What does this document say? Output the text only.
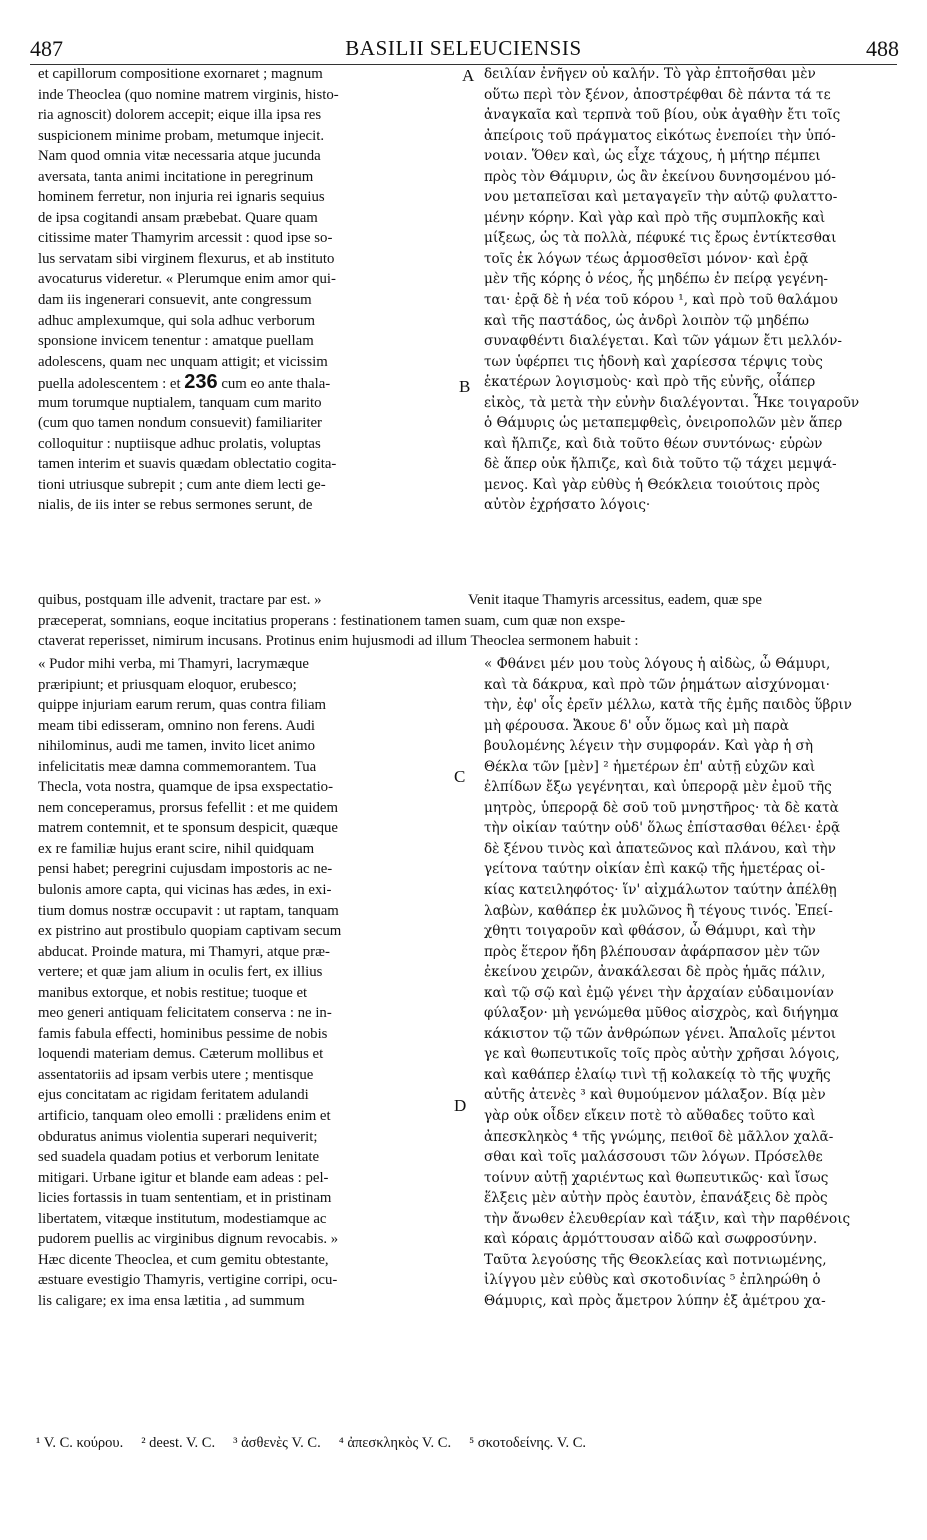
487	BASILII SELEUCIENSIS	488
et capillorum compositione exornaret ; magnum
inde Theoclea (quo nomine matrem virginis, histo-
ria agnoscit) dolorem accepit; eique illa ipsa res
suspicionem minime probam, metumque injecit.
Nam quod omnia vitæ necessaria atque jucunda
aversata, tanta animi incitatione in peregrinum
hominem ferretur, non injuria rei ignaris sequius
de ipsa cogitandi ansam præbebat. Quare quam
citissime mater Thamyrim arcessit : quod ipse so-
lus servatam sibi virginem flexurus, et ab instituto
avocaturus videretur. « Plerumque enim amor qui-
dam iis ingenerari consuevit, ante congressum
adhuc amplexumque, qui sola adhuc verborum
sponsione invicem tenentur : amatque puellam
adolescens, quam nec unquam attigit; et vicissim
puella adolescentem : et 236 cum eo ante thala-
mum torumque nuptialem, tanquam cum marito
(cum quo tamen nondum consuevit) familiariter
colloquitur : nuptiisque adhuc prolatis, voluptas
tamen interim et suavis quædam oblectatio cogita-
tioni utriusque subrepit ; cum ante diem lecti ge-
nialis, de iis inter se rebus sermones serunt, de
δειλίαν ἐνῆγεν οὐ καλήν. Τὸ γὰρ ἐπτοῆσθαι μὲν
οὕτω περὶ τὸν ξένον, ἀποστρέφθαι δὲ πάντα τά τε
ἀναγκαῖα καὶ τερπνὰ τοῦ βίου, οὐκ ἀγαθὴν ἔτι τοῖς
ἀπείροις τοῦ πράγματος εἰκότως ἐνεποίει τὴν ὑπό-
νοιαν. Ὅθεν καὶ, ὡς εἶχε τάχους, ἡ μήτηρ πέμπει
πρὸς τὸν Θάμυριν, ὡς ἂν ἐκείνου δυνησομένου μό-
νου μεταπεῖσαι καὶ μεταγαγεῖν τὴν αὐτῷ φυλαττο-
μένην κόρην. Καὶ γὰρ καὶ πρὸ τῆς συμπλοκῆς καὶ
μίξεως, ὡς τὰ πολλὰ, πέφυκέ τις ἔρως ἐντίκτεσθαι
τοῖς ἐκ λόγων τέως ἁρμοσθεῖσι μόνον· καὶ ἐρᾷ
μὲν τῆς κόρης ὁ νέος, ἧς μηδέπω ἐν πείρᾳ γεγένη-
ται· ἐρᾷ δὲ ἡ νέα τοῦ κόρου ¹, καὶ πρὸ τοῦ θαλάμου
καὶ τῆς παστάδος, ὡς ἀνδρὶ λοιπὸν τῷ μηδέπω
συναφθέντι διαλέγεται. Καὶ τῶν γάμων ἔτι μελλόν-
των ὑφέρπει τις ἡδονὴ καὶ χαρίεσσα τέρψις τοὺς
ἑκατέρων λογισμοὺς· καὶ πρὸ τῆς εὐνῆς, οἷάπερ
εἰκὸς, τὰ μετὰ τὴν εὐνὴν διαλέγονται. Ἧκε τοιγαροῦν
ὁ Θάμυρις ὡς μεταπεμφθεὶς, ὀνειροπολῶν μὲν ἅπερ
καὶ ἤλπιζε, καὶ διὰ τοῦτο θέων συντόνως· εὑρὼν
δὲ ἅπερ οὐκ ἤλπιζε, καὶ διὰ τοῦτο τῷ τάχει μεμψά-
μενος. Καὶ γὰρ εὐθὺς ἡ Θεόκλεια τοιούτοις πρὸς
αὐτὸν ἐχρήσατο λόγοις·
quibus, postquam ille advenit, tractare par est. »	Venit itaque Thamyris arcessitus, eadem, quæ spe
præceperat, somnians, eoque incitatius properans : festinationem tamen suam, cum quæ non exspe-
ctaverat reperisset, nimirum incusans. Protinus enim hujusmodi ad illum Theoclea sermonem habuit :
« Pudor mihi verba, mi Thamyri, lacrymæque
præripiunt; et priusquam eloquor, erubesco;
quippe injuriam earum rerum, quas contra filiam
meam tibi edisseram, omnino non ferens. Audi
nihilominus, audi me tamen, invito licet animo
infelicitatis meæ damna commemorantem. Tua
Thecla, vota nostra, quamque de ipsa exspectatio-
nem conceperamus, prorsus fefellit : et me quidem
matrem contemnit, et te sponsum despicit, quæque
ex re familiæ hujus erant scire, nihil quidquam
pensi habet; peregrini cujusdam impostoris ac ne-
bulonis amore capta, qui vicinas has ædes, in exi-
tium domus nostræ occupavit : ut raptam, tanquam
ex pistrino aut prostibulo quopiam captivam secum
abducat. Proinde matura, mi Thamyri, atque præ-
vertere; et quæ jam alium in oculis fert, ex illius
manibus extorque, et nobis restitue; tuoque et
meo generi antiquam felicitatem conserva : ne in-
famis fabula effecti, hominibus pessime de nobis
loquendi materiam demus. Cæterum mollibus et
assentatoriis ad ipsam verbis utere ; mentisque
ejus concitatam ac rigidam feritatem adulandi
artificio, tanquam oleo emolli : prælidens enim et
obduratus animus violentia superari nequiverit;
sed suadela quadam potius et verborum lenitate
mitigari. Urbane igitur et blande eam adeas : pel-
licies fortassis in tuam sententiam, et in pristinam
libertatem, vitæque institutum, modestiamque ac
pudorem puellis ac virginibus dignum revocabis. »
Hæc dicente Theoclea, et cum gemitu obtestante,
æstuare evestigio Thamyris, vertigine corripi, ocu-
lis caligare; ex ima ensa lætitia , ad summum
« Φθάνει μέν μου τοὺς λόγους ἡ αἰδὼς, ὦ Θάμυρι,
καὶ τὰ δάκρυα, καὶ πρὸ τῶν ῥημάτων αἰσχύνομαι·
τὴν, ἐφ' οἷς ἐρεῖν μέλλω, κατὰ τῆς ἐμῆς παιδὸς ὕβριν
μὴ φέρουσα. Ἄκουε δ' οὖν ὅμως καὶ μὴ παρὰ
βουλομένης λέγειν τὴν συμφοράν. Καὶ γὰρ ἡ σὴ
Θέκλα τῶν [μὲν] ² ἡμετέρων ἐπ' αὐτῇ εὐχῶν καὶ
ἐλπίδων ἔξω γεγένηται, καὶ ὑπερορᾷ μὲν ἐμοῦ τῆς
μητρὸς, ὑπερορᾷ δὲ σοῦ τοῦ μνηστῆρος· τὰ δὲ κατὰ
τὴν οἰκίαν ταύτην οὐδ' ὅλως ἐπίστασθαι θέλει· ἐρᾷ
δὲ ξένου τινὸς καὶ ἀπατεῶνος καὶ πλάνου, καὶ τὴν
γείτονα ταύτην οἰκίαν ἐπὶ κακῷ τῆς ἡμετέρας οἰ-
κίας κατειληφότος· ἵν' αἰχμάλωτον ταύτην ἀπέλθῃ
λαβὼν, καθάπερ ἐκ μυλῶνος ἢ τέγους τινός. Ἐπεί-
χθητι τοιγαροῦν καὶ φθάσον, ὦ Θάμυρι, καὶ τὴν
πρὸς ἕτερον ἤδη βλέπουσαν ἀφάρπασον μὲν τῶν
ἐκείνου χειρῶν, ἀνακάλεσαι δὲ πρὸς ἡμᾶς πάλιν,
καὶ τῷ σῷ καὶ ἐμῷ γένει τὴν ἀρχαίαν εὐδαιμονίαν
φύλαξον· μὴ γενώμεθα μῦθος αἰσχρὸς, καὶ διήγημα
κάκιστον τῷ τῶν ἀνθρώπων γένει. Ἁπαλοῖς μέντοι
γε καὶ θωπευτικοῖς τοῖς πρὸς αὐτὴν χρῆσαι λόγοις,
καὶ καθάπερ ἐλαίῳ τινὶ τῇ κολακείᾳ τὸ τῆς ψυχῆς
αὐτῆς ἀτενὲς ³ καὶ θυμούμενον μάλαξον. Βίᾳ μὲν
γὰρ οὐκ οἶδεν εἴκειν ποτὲ τὸ αὔθαδες τοῦτο καὶ
ἀπεσκληκὸς ⁴ τῆς γνώμης, πειθοῖ δὲ μᾶλλον χαλᾶ-
σθαι καὶ τοῖς μαλάσσουσι τῶν λόγων. Πρόσελθε
τοίνυν αὐτῇ χαριέντως καὶ θωπευτικῶς· καὶ ἴσως
ἕλξεις μὲν αὐτὴν πρὸς ἑαυτὸν, ἐπανάξεις δὲ πρὸς
τὴν ἄνωθεν ἐλευθερίαν καὶ τάξιν, καὶ τὴν παρθένοις
καὶ κόραις ἁρμόττουσαν αἰδῶ καὶ σωφροσύνην.
Ταῦτα λεγούσης τῆς Θεοκλείας καὶ ποτνιωμένης,
ἰλίγγου μὲν εὐθὺς καὶ σκοτοδινίας ⁵ ἐπληρώθη ὁ
Θάμυρις, καὶ πρὸς ἄμετρον λύπην ἐξ ἀμέτρου χα-
A
B
C
D
¹ V. C. κούρου. ² deest. V. C. ³ ἀσθενὲς V. C. ⁴ ἀπεσκληκὸς V. C. ⁵ σκοτοδείνης. V. C.
